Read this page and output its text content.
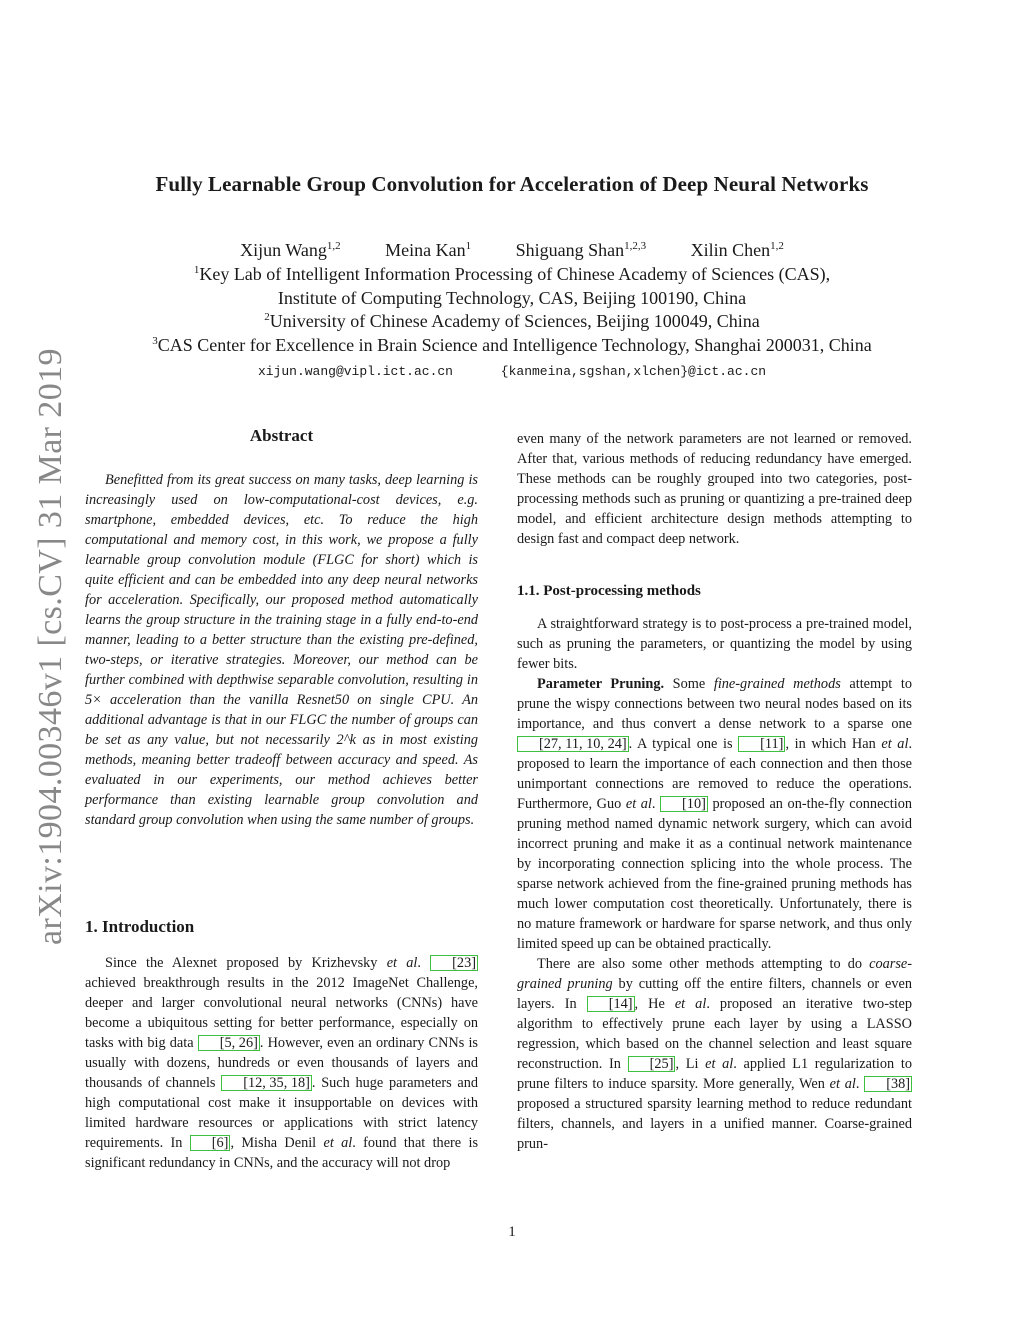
Fully Learnable Group Convolution for Acceleration of Deep Neural Networks
Xijun Wang$^{1,2}$ Meina Kan$^1$ Shiguang Shan$^{1,2,3}$ Xilin Chen$^{1,2}$
$^1$Key Lab of Intelligent Information Processing of Chinese Academy of Sciences (CAS),
Institute of Computing Technology, CAS, Beijing 100190, China
$^2$University of Chinese Academy of Sciences, Beijing 100049, China
$^3$CAS Center for Excellence in Brain Science and Intelligence Technology, Shanghai 200031, China
xijun.wang@vipl.ict.ac.cn	{kanmeina,sgshan,xlchen}@ict.ac.cn
arXiv:1904.00346v1 [cs.CV] 31 Mar 2019	Abstract

Benefitted from its great success on many tasks, deep learning is increasingly used on low-computational-cost devices, e.g. smartphone, embedded devices, etc. To reduce the high computational and memory cost, in this work, we propose a fully learnable group convolution module (FLGC for short) which is quite efficient and can be embedded into any deep neural networks for acceleration. Specifically, our proposed method automatically learns the group structure in the training stage in a fully end-to-end manner, leading to a better structure than the existing pre-defined, two-steps, or iterative strategies. Moreover, our method can be further combined with depthwise separable convolution, resulting in 5× acceleration than the vanilla Resnet50 on single CPU. An additional advantage is that in our FLGC the number of groups can be set as any value, but not necessarily 2^k as in most existing methods, meaning better tradeoff between accuracy and speed. As evaluated in our experiments, our method achieves better performance than existing learnable group convolution and standard group convolution when using the same number of groups.

1. Introduction

Since the Alexnet proposed by Krizhevsky et al. [23] achieved breakthrough results in the 2012 ImageNet Challenge, deeper and larger convolutional neural networks (CNNs) have become a ubiquitous setting for better performance, especially on tasks with big data [5, 26] . However, even an ordinary CNNs is usually with dozens, hundreds or even thousands of layers and thousands of channels [12, 35, 18] . Such huge parameters and high computational cost make it insupportable on devices with limited hardware resources or applications with strict latency requirements. In [6] , Misha Denil et al. found that there is significant redundancy in CNNs, and the accuracy will not drop

even many of the network parameters are not learned or removed. After that, various methods of reducing redundancy have emerged. These methods can be roughly grouped into two categories, post-processing methods such as pruning or quantizing a pre-trained deep model, and efficient architecture design methods attempting to design fast and compact deep network.

1.1. Post-processing methods

A straightforward strategy is to post-process a pre-trained model, such as pruning the parameters, or quantizing the model by using fewer bits.

Parameter Pruning. Some fine-grained methods attempt to prune the wispy connections between two neural nodes based on its importance, and thus convert a dense network to a sparse one [27, 11, 10, 24] . A typical one is [11] , in which Han et al. proposed to learn the importance of each connection and then those unimportant connections are removed to reduce the operations. Furthermore, Guo et al. [10] proposed an on-the-fly connection pruning method named dynamic network surgery, which can avoid incorrect pruning and make it as a continual network maintenance by incorporating connection splicing into the whole process. The sparse network achieved from the fine-grained pruning methods has much lower computation cost theoretically. Unfortunately, there is no mature framework or hardware for sparse network, and thus only limited speed up can be obtained practically.

There are also some other methods attempting to do coarse-grained pruning by cutting off the entire filters, channels or even layers. In [14] , He et al. proposed an iterative two-step algorithm to effectively prune each layer by using a LASSO regression, which based on the channel selection and least square reconstruction. In [25] , Li et al. applied L1 regularization to prune filters to induce sparsity. More generally, Wen et al. [38] proposed a structured sparsity learning method to reduce redundant filters, channels, and layers in a unified manner. Coarse-grained prun-

1
